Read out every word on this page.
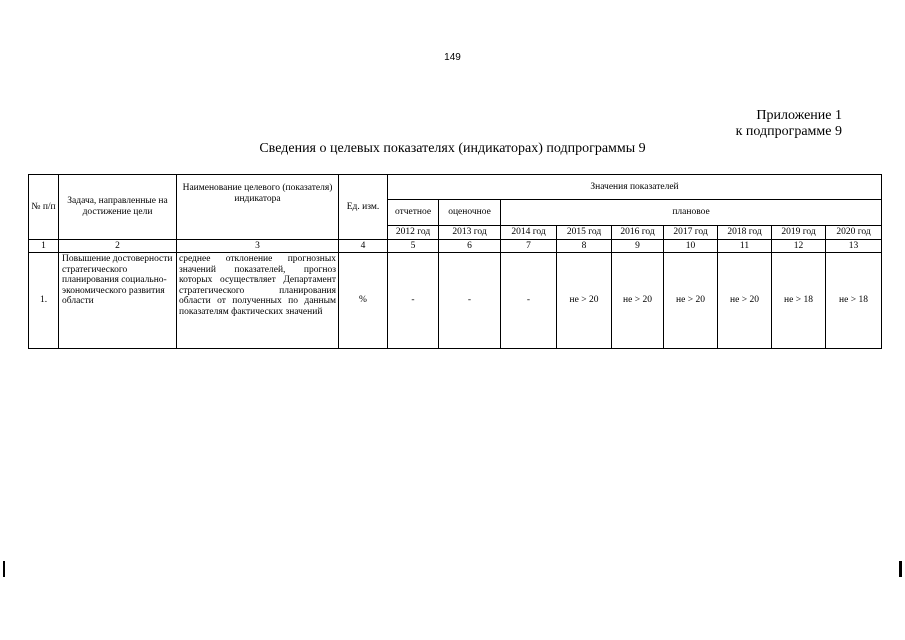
149
Приложение 1
к подпрограмме 9
Сведения о целевых показателях (индикаторах) подпрограммы 9
№ п/п	Задача, направленные на достижение цели	Наименование целевого (показателя) индикатора	Ед. изм.	Значения показателей								
				отчетное	оценочное	плановое						
				2012 год	2013 год	2014 год	2015 год	2016 год	2017 год	2018 год	2019 год	2020 год
1	2	3	4	5	6	7	8	9	10	11	12	13
1.	Повышение достоверности стратегического планирования социально-экономического развития области	среднее отклонение прогнозных значений показателей, прогноз которых осуществляет Департамент стратегического планирования области от полученных по данным показателям фактических значений	%	-	-	-	не > 20	не > 20	не > 20	не > 20	не > 18	не > 18
